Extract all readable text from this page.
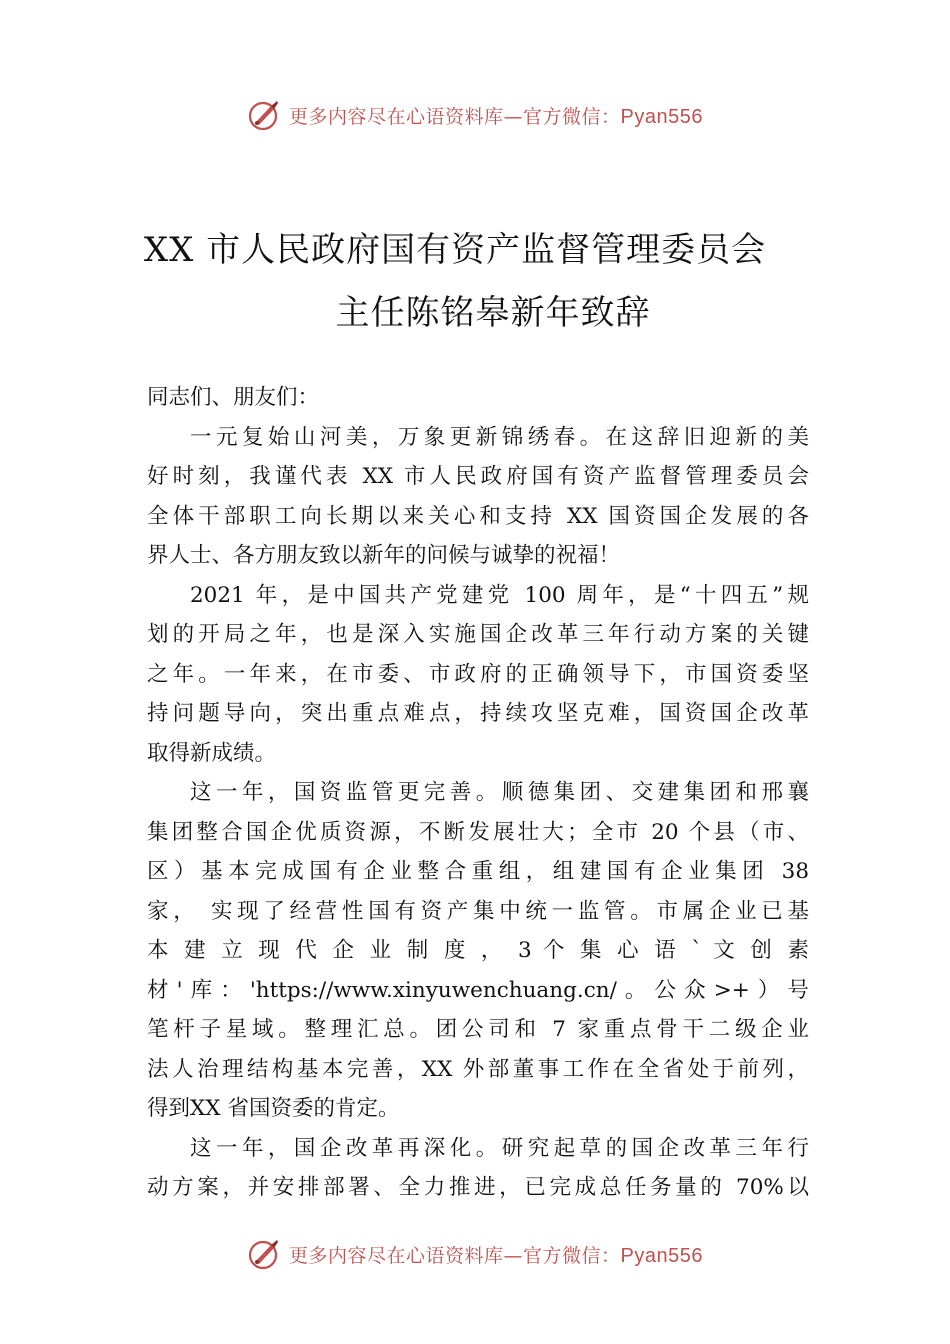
更多内容尽在心语资料库—官方微信：Pyan556
XX 市人民政府国有资产监督管理委员会
主任陈铭皋新年致辞

同志们、朋友们：

一元复始山河美，万象更新锦绣春。在这辞旧迎新的美
好时刻，我谨代表 XX 市人民政府国有资产监督管理委员会
全体干部职工向长期以来关心和支持 XX 国资国企发展的各
界人士、各方朋友致以新年的问候与诚挚的祝福！

2021 年，是中国共产党建党 100 周年，是“十四五”规
划的开局之年，也是深入实施国企改革三年行动方案的关键
之年。一年来，在市委、市政府的正确领导下，市国资委坚
持问题导向，突出重点难点，持续攻坚克难，国资国企改革
取得新成绩。

这一年，国资监管更完善。顺德集团、交建集团和邢襄
集团整合国企优质资源，不断发展壮大；全市 20 个县（市、
区）基本完成国有企业整合重组，组建国有企业集团 38
家， 实现了经营性国有资产集中统一监管。市属企业已基
本 建 立 现 代 企 业 制 度 ， 3 个 集 心 语 ` 文 创 素
材'库：'https://www.xinyuwenchuang.cn/。公众>+）号
笔杆子星域。整理汇总。团公司和 7 家重点骨干二级企业
法人治理结构基本完善，XX 外部董事工作在全省处于前列，
得到XX 省国资委的肯定。

这一年，国企改革再深化。研究起草的国企改革三年行
动方案，并安排部署、全力推进，已完成总任务量的 70%以

更多内容尽在心语资料库—官方微信：Pyan556
